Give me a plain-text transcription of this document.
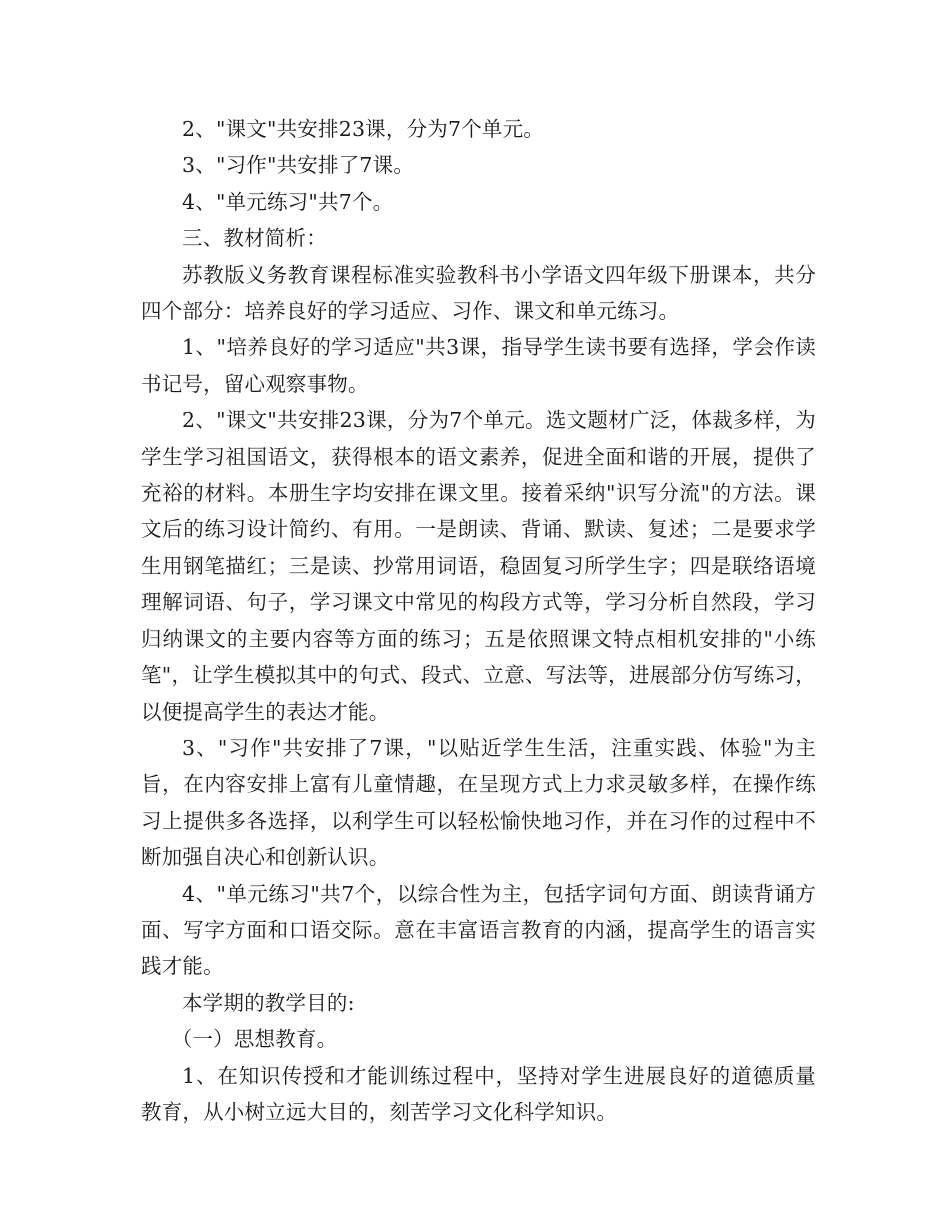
2、"课文"共安排23课，分为7个单元。

3、"习作"共安排了7课。

4、"单元练习"共7个。

三、教材简析：

苏教版义务教育课程标准实验教科书小学语文四年级下册课本，共分四个部分：培养良好的学习适应、习作、课文和单元练习。

1、"培养良好的学习适应"共3课，指导学生读书要有选择，学会作读书记号，留心观察事物。

2、"课文"共安排23课，分为7个单元。选文题材广泛，体裁多样，为学生学习祖国语文，获得根本的语文素养，促进全面和谐的开展，提供了充裕的材料。本册生字均安排在课文里。接着采纳"识写分流"的方法。课文后的练习设计简约、有用。一是朗读、背诵、默读、复述；二是要求学生用钢笔描红；三是读、抄常用词语，稳固复习所学生字；四是联络语境理解词语、句子，学习课文中常见的构段方式等，学习分析自然段，学习归纳课文的主要内容等方面的练习；五是依照课文特点相机安排的"小练笔"，让学生模拟其中的句式、段式、立意、写法等，进展部分仿写练习，以便提高学生的表达才能。

3、"习作"共安排了7课，"以贴近学生生活，注重实践、体验"为主旨，在内容安排上富有儿童情趣，在呈现方式上力求灵敏多样，在操作练习上提供多各选择，以利学生可以轻松愉快地习作，并在习作的过程中不断加强自决心和创新认识。

4、"单元练习"共7个，以综合性为主，包括字词句方面、朗读背诵方面、写字方面和口语交际。意在丰富语言教育的内涵，提高学生的语言实践才能。

本学期的教学目的:

（一）思想教育。

1、在知识传授和才能训练过程中，坚持对学生进展良好的道德质量教育，从小树立远大目的，刻苦学习文化科学知识。
